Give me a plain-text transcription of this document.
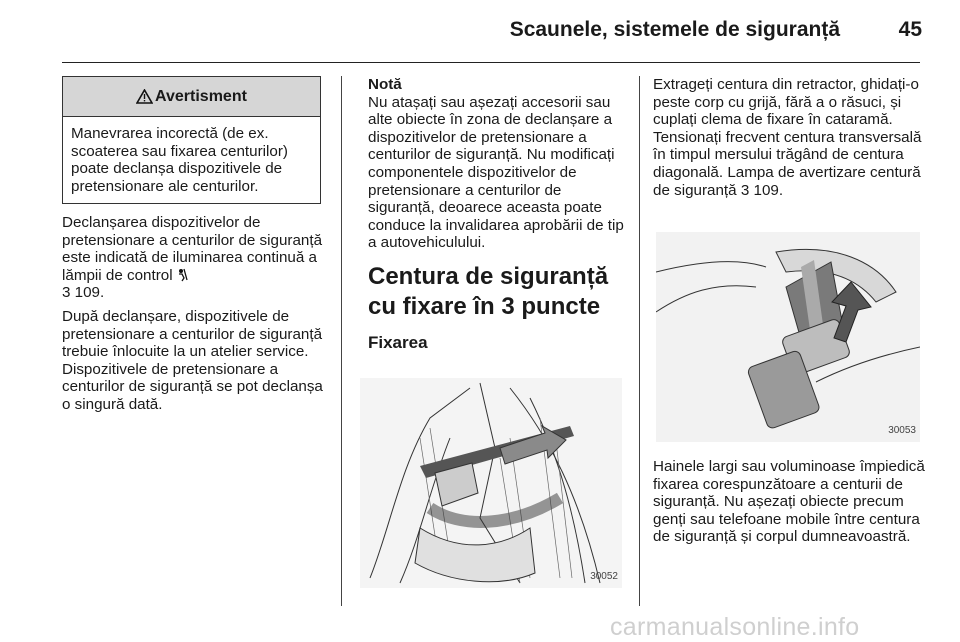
Scaunele, sistemele de siguranță	45
Avertisment
Manevrarea incorectă (de ex. scoaterea sau fixarea centurilor) poate declanșa dispozitivele de pretensionare ale centurilor.

Declanșarea dispozitivelor de pretensionare a centurilor de siguranță este indicată de iluminarea continuă a lămpii de control
3 109.

După declanșare, dispozitivele de pretensionare a centurilor de siguranță trebuie înlocuite la un atelier service. Dispozitivele de pretensionare a centurilor de siguranță se pot declanșa o singură dată.

Notă

Nu atașați sau așezați accesorii sau alte obiecte în zona de declanșare a dispozitivelor de pretensionare a centurilor de siguranță. Nu modificați componentele dispozitivelor de pretensionare a centurilor de siguranță, deoarece aceasta poate conduce la invalidarea aprobării de tip a autovehiculului.

Centura de siguranță cu fixare în 3 puncte

Fixarea

30052

Extrageți centura din retractor, ghidați-o peste corp cu grijă, fără a o răsuci, și cuplați clema de fixare în cataramă. Tensionați frecvent centura transversală în timpul mersului trăgând de centura diagonală. Lampa de avertizare centură de siguranță 3 109.

30053

Hainele largi sau voluminoase împiedică fixarea corespunzătoare a centurii de siguranță. Nu așezați obiecte precum genți sau telefoane mobile între centura de siguranță și corpul dumneavoastră.

carmanualsonline.info
